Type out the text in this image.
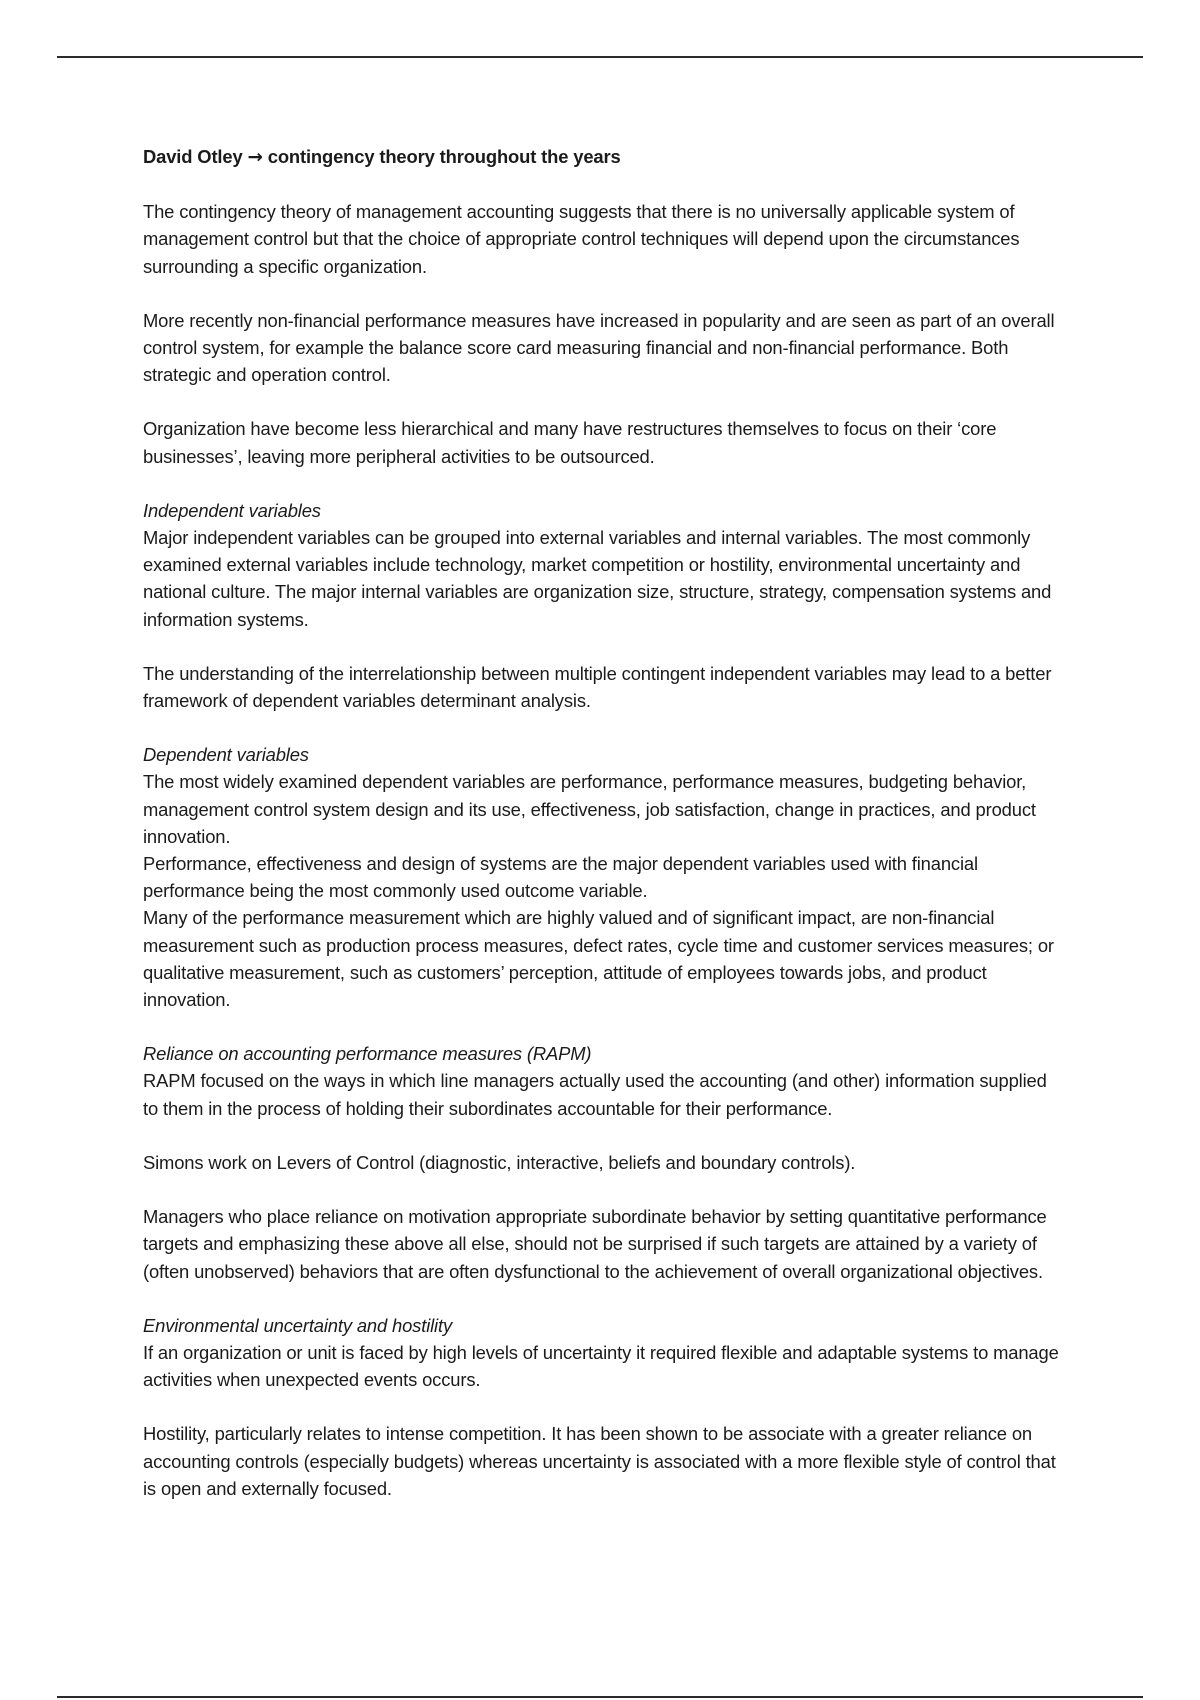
David Otley → contingency theory throughout the years

The contingency theory of management accounting suggests that there is no universally applicable system of management control but that the choice of appropriate control techniques will depend upon the circumstances surrounding a specific organization.

More recently non-financial performance measures have increased in popularity and are seen as part of an overall control system, for example the balance score card measuring financial and non-financial performance. Both strategic and operation control.

Organization have become less hierarchical and many have restructures themselves to focus on their ‘core businesses’, leaving more peripheral activities to be outsourced.

Independent variables

Major independent variables can be grouped into external variables and internal variables. The most commonly examined external variables include technology, market competition or hostility, environmental uncertainty and national culture. The major internal variables are organization size, structure, strategy, compensation systems and information systems.

The understanding of the interrelationship between multiple contingent independent variables may lead to a better framework of dependent variables determinant analysis.

Dependent variables

The most widely examined dependent variables are performance, performance measures, budgeting behavior, management control system design and its use, effectiveness, job satisfaction, change in practices, and product innovation.

Performance, effectiveness and design of systems are the major dependent variables used with financial performance being the most commonly used outcome variable.

Many of the performance measurement which are highly valued and of significant impact, are non-financial measurement such as production process measures, defect rates, cycle time and customer services measures; or qualitative measurement, such as customers’ perception, attitude of employees towards jobs, and product innovation.

Reliance on accounting performance measures (RAPM)

RAPM focused on the ways in which line managers actually used the accounting (and other) information supplied to them in the process of holding their subordinates accountable for their performance.

Simons work on Levers of Control (diagnostic, interactive, beliefs and boundary controls).

Managers who place reliance on motivation appropriate subordinate behavior by setting quantitative performance targets and emphasizing these above all else, should not be surprised if such targets are attained by a variety of (often unobserved) behaviors that are often dysfunctional to the achievement of overall organizational objectives.

Environmental uncertainty and hostility

If an organization or unit is faced by high levels of uncertainty it required flexible and adaptable systems to manage activities when unexpected events occurs.

Hostility, particularly relates to intense competition. It has been shown to be associate with a greater reliance on accounting controls (especially budgets) whereas uncertainty is associated with a more flexible style of control that is open and externally focused.
